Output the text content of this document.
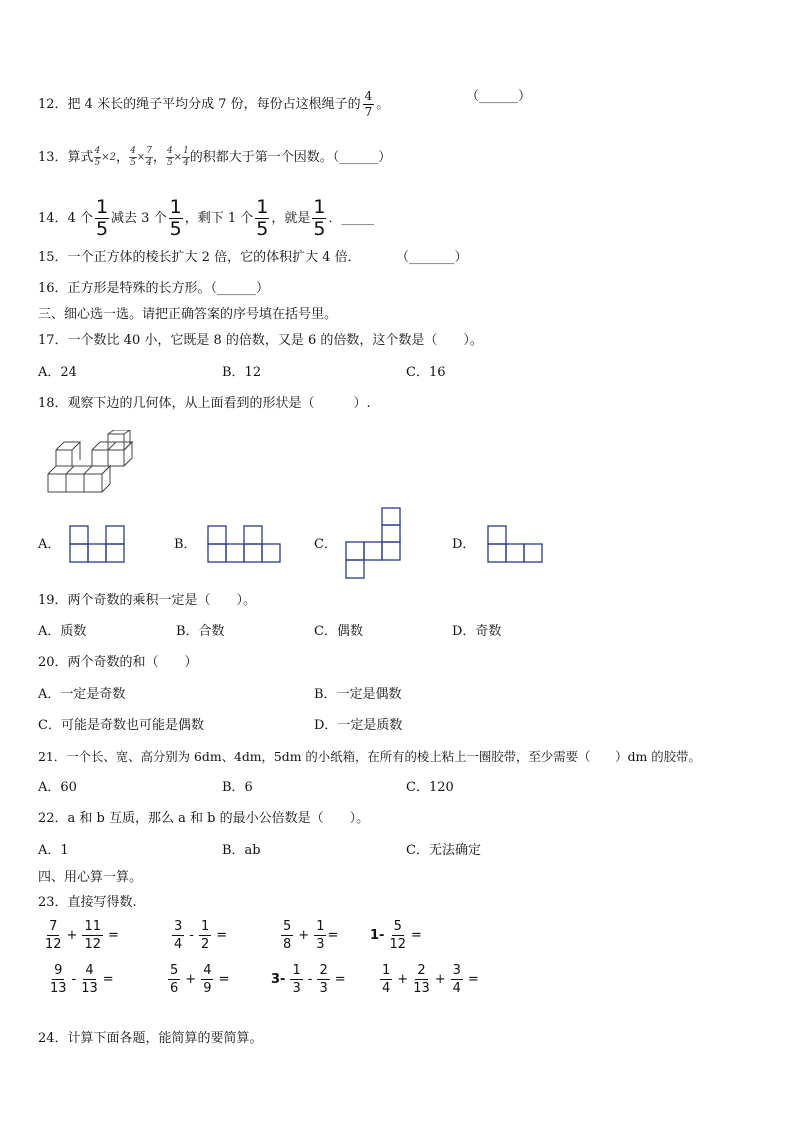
12．把 4 米长的绳子平均分成 7 份，每份占这根绳子的 $\frac{4}{7}$ 。
（______）
13．算式 $\frac{4}{5} \times 2$， $\frac{4}{5} \times \frac{7}{4}$ ， $\frac{4}{5} \times \frac{1}{4}$ 的积都大于第一个因数。（______）
14．4 个 $\frac{1}{5}$ 减去 3 个 $\frac{1}{5}$ ，剩下 1 个 $\frac{1}{5}$ ，就是 $\frac{1}{5}$ ．_____
15．一个正方体的棱长扩大 2 倍，它的体积扩大 4 倍．	（_______）
16．正方形是特殊的长方形。（______）
三、细心选一选。请把正确答案的序号填在括号里。
17．一个数比 40 小，它既是 8 的倍数，又是 6 的倍数，这个数是（　　）。
A．24	B．12	C．16
18．观察下边的几何体，从上面看到的形状是（　　　）.
A．	B．	C．	D．
19．两个奇数的乘积一定是（　　）。
A．质数	B．合数	C．偶数	D．奇数
20．两个奇数的和（　　）
A．一定是奇数	B．一定是偶数
C．可能是奇数也可能是偶数	D．一定是质数
21．一个长、宽、高分别为 6dm、4dm，5dm 的小纸箱，在所有的棱上粘上一圈胶带，至少需要（　　）dm 的胶带。
A．60	B．6	C．120
22．a 和 b 互质，那么 a 和 b 的最小公倍数是（　　）。
A．1	B．ab	C．无法确定
四、用心算一算。
23．直接写得数.
$\frac{7}{12} + \frac{11}{12}$ =	$\frac{3}{4} - \frac{1}{2}$ =	$\frac{5}{8} + \frac{1}{3}$ =	$1- \frac{5}{12}$ =
$\frac{9}{13} - \frac{4}{13}$ =	$\frac{5}{6} + \frac{4}{9}$ =	$3- \frac{1}{3} - \frac{2}{3}$ =	$\frac{1}{4} + \frac{2}{13} + \frac{3}{4}$ =
24．计算下面各题，能简算的要简算。
